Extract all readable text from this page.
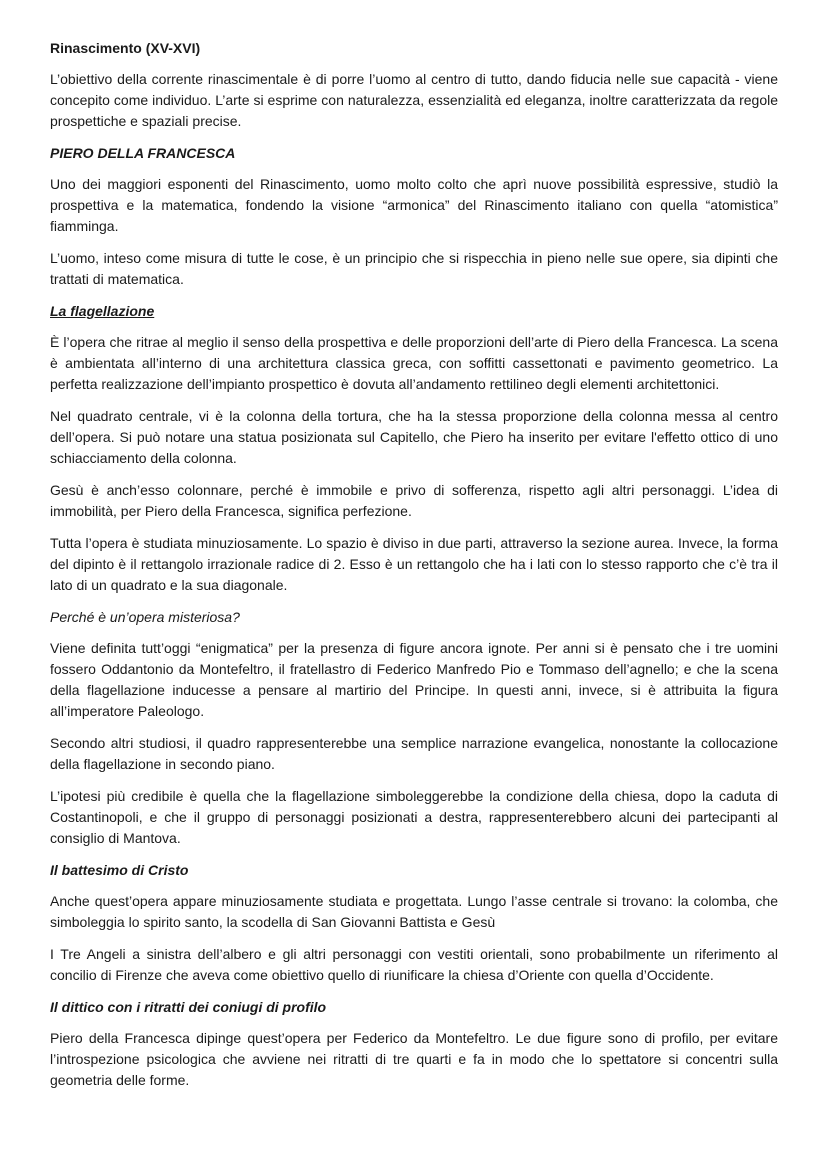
Rinascimento (XV-XVI)

L’obiettivo della corrente rinascimentale è di porre l’uomo al centro di tutto, dando fiducia nelle sue capacità - viene concepito come individuo. L’arte si esprime con naturalezza, essenzialità ed eleganza, inoltre caratterizzata da regole prospettiche e spaziali precise.

PIERO DELLA FRANCESCA

Uno dei maggiori esponenti del Rinascimento, uomo molto colto che aprì nuove possibilità espressive, studiò la prospettiva e la matematica, fondendo la visione “armonica” del Rinascimento italiano con quella “atomistica” fiamminga.

L’uomo, inteso come misura di tutte le cose, è un principio che si rispecchia in pieno nelle sue opere, sia dipinti che trattati di matematica.

La flagellazione

È l’opera che ritrae al meglio il senso della prospettiva e delle proporzioni dell’arte di Piero della Francesca. La scena è ambientata all’interno di una architettura classica greca, con soffitti cassettonati e pavimento geometrico. La perfetta realizzazione dell’impianto prospettico è dovuta all’andamento rettilineo degli elementi architettonici.

Nel quadrato centrale, vi è la colonna della tortura, che ha la stessa proporzione della colonna messa al centro dell’opera. Si può notare una statua posizionata sul Capitello, che Piero ha inserito per evitare l'effetto ottico di uno schiacciamento della colonna.

Gesù è anch’esso colonnare, perché è immobile e privo di sofferenza, rispetto agli altri personaggi. L’idea di immobilità, per Piero della Francesca, significa perfezione.

Tutta l’opera è studiata minuziosamente. Lo spazio è diviso in due parti, attraverso la sezione aurea. Invece, la forma del dipinto è il rettangolo irrazionale radice di 2. Esso è un rettangolo che ha i lati con lo stesso rapporto che c’è tra il lato di un quadrato e la sua diagonale.

Perché è un’opera misteriosa?

Viene definita tutt’oggi “enigmatica” per la presenza di figure ancora ignote. Per anni si è pensato che i tre uomini fossero Oddantonio da Montefeltro, il fratellastro di Federico Manfredo Pio e Tommaso dell’agnello; e che la scena della flagellazione inducesse a pensare al martirio del Principe. In questi anni, invece, si è attribuita la figura all’imperatore Paleologo.

Secondo altri studiosi, il quadro rappresenterebbe una semplice narrazione evangelica, nonostante la collocazione della flagellazione in secondo piano.

L’ipotesi più credibile è quella che la flagellazione simboleggerebbe la condizione della chiesa, dopo la caduta di Costantinopoli, e che il gruppo di personaggi posizionati a destra, rappresenterebbero alcuni dei partecipanti al consiglio di Mantova.

Il battesimo di Cristo

Anche quest’opera appare minuziosamente studiata e progettata. Lungo l’asse centrale si trovano: la colomba, che simboleggia lo spirito santo, la scodella di San Giovanni Battista e Gesù

I Tre Angeli a sinistra dell’albero e gli altri personaggi con vestiti orientali, sono probabilmente un riferimento al concilio di Firenze che aveva come obiettivo quello di riunificare la chiesa d’Oriente con quella d’Occidente.

Il dittico con i ritratti dei coniugi di profilo

Piero della Francesca dipinge quest’opera per Federico da Montefeltro. Le due figure sono di profilo, per evitare l’introspezione psicologica che avviene nei ritratti di tre quarti e fa in modo che lo spettatore si concentri sulla geometria delle forme.
